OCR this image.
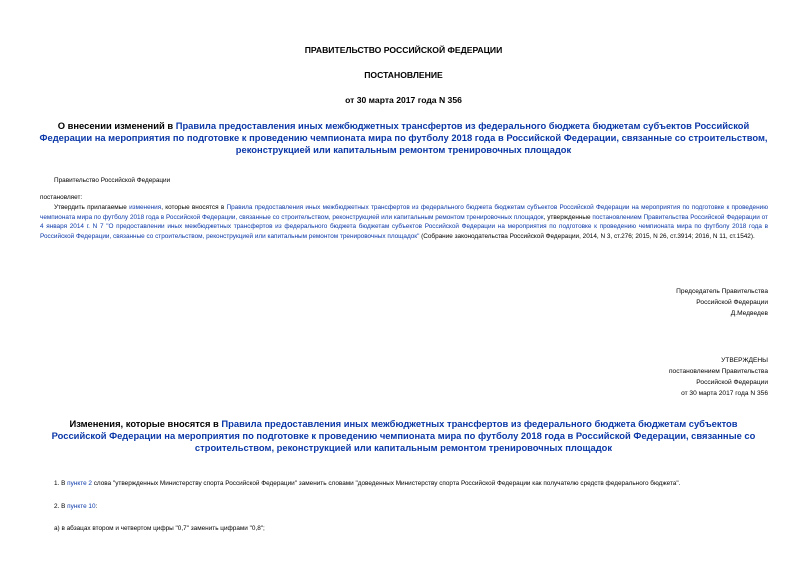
ПРАВИТЕЛЬСТВО РОССИЙСКОЙ ФЕДЕРАЦИИ
ПОСТАНОВЛЕНИЕ
от 30 марта 2017 года N 356
О внесении изменений в Правила предоставления иных межбюджетных трансфертов из федерального бюджета бюджетам субъектов Российской Федерации на мероприятия по подготовке к проведению чемпионата мира по футболу 2018 года в Российской Федерации, связанные со строительством, реконструкцией или капитальным ремонтом тренировочных площадок
Правительство Российской Федерации
постановляет:
Утвердить прилагаемые изменения, которые вносятся в Правила предоставления иных межбюджетных трансфертов из федерального бюджета бюджетам субъектов Российской Федерации на мероприятия по подготовке к проведению чемпионата мира по футболу 2018 года в Российской Федерации, связанные со строительством, реконструкцией или капитальным ремонтом тренировочных площадок, утвержденные постановлением Правительства Российской Федерации от 4 января 2014 г. N 7 "О предоставлении иных межбюджетных трансфертов из федерального бюджета бюджетам субъектов Российской Федерации на мероприятия по подготовке к проведению чемпионата мира по футболу 2018 года в Российской Федерации, связанные со строительством, реконструкцией или капитальным ремонтом тренировочных площадок" (Собрание законодательства Российской Федерации, 2014, N 3, ст.276; 2015, N 26, ст.3914; 2016, N 11, ст.1542).
Председатель Правительства
Российской Федерации
Д.Медведев
УТВЕРЖДЕНЫ
постановлением Правительства
Российской Федерации
от 30 марта 2017 года N 356
Изменения, которые вносятся в Правила предоставления иных межбюджетных трансфертов из федерального бюджета бюджетам субъектов Российской Федерации на мероприятия по подготовке к проведению чемпионата мира по футболу 2018 года в Российской Федерации, связанные со строительством, реконструкцией или капитальным ремонтом тренировочных площадок
1. В пункте 2 слова "утвержденных Министерству спорта Российской Федерации" заменить словами "доведенных Министерству спорта Российской Федерации как получателю средств федерального бюджета".
2. В пункте 10:
а) в абзацах втором и четвертом цифры "0,7" заменить цифрами "0,8";
